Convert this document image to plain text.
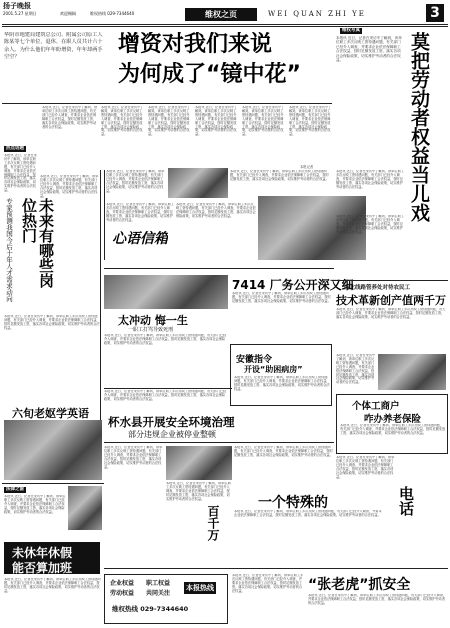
扬子晚报
2001.5.27 星期日	欢迎赐稿	维权热线 029-7344640	维权之页	WEI QUAN ZHI YE	3
华阴市地建局建筑总公司、附属公司原工人陈某等七个单位，退休、在职人员共计六十余人。为什么他们年年盼增资，年年却两手空空？
增资对我们来说
为何成了“镜中花”
维权写真
本报讯 近日，记者在采访中了解到，该单位职工多次反映工资待遇问题，有关部门已经介入调查，并要求企业依法保障职工合法权益，按时足额发放工资，落实各项社会保险政策，切实维护劳动者的合法权益。	莫把劳动者权益当儿戏
本报讯 近日，记者在采访中了解到，该单位职工多次反映工资待遇问题，有关部门已经介入调查，并要求企业依法保障职工合法权益，按时足额发放工资，落实各项社会保险政策，切实维护劳动者的合法权益。
本报讯 近日，记者在采访中了解到，该单位职工多次反映工资待遇问题，有关部门已经介入调查，并要求企业依法保障职工合法权益，按时足额发放工资，落实各项社会保险政策，切实维护劳动者的合法权益。
本报讯 近日，记者在采访中了解到，该单位职工多次反映工资待遇问题，有关部门已经介入调查，并要求企业依法保障职工合法权益，按时足额发放工资，落实各项社会保险政策，切实维护劳动者的合法权益。
本报讯 近日，记者在采访中了解到，该单位职工多次反映工资待遇问题，有关部门已经介入调查，并要求企业依法保障职工合法权益，按时足额发放工资，落实各项社会保险政策，切实维护劳动者的合法权益。
本报讯 近日，记者在采访中了解到，该单位职工多次反映工资待遇问题，有关部门已经介入调查，并要求企业依法保障职工合法权益，按时足额发放工资，落实各项社会保险政策，切实维护劳动者的合法权益。
本报讯 近日，记者在采访中了解到，该单位职工多次反映工资待遇问题，有关部门已经介入调查，并要求企业依法保障职工合法权益，按时足额发放工资，落实各项社会保险政策，切实维护劳动者的合法权益。
本报记者
热点话题
本报讯 近日，记者在采访中了解到，该单位职工多次反映工资待遇问题，有关部门已经介入调查，并要求企业依法保障职工合法权益，按时足额发放工资，落实各项社会保险政策，切实维护劳动者的合法权益。
未来有哪些岗位热门
专家预测我国今后十年人才需求动向
本报讯 近日，记者在采访中了解到，该单位职工多次反映工资待遇问题，有关部门已经介入调查，并要求企业依法保障职工合法权益，按时足额发放工资，落实各项社会保险政策，切实维护劳动者的合法权益。
本报讯 近日，记者在采访中了解到，该单位职工多次反映工资待遇问题，有关部门已经介入调查，并要求企业依法保障职工合法权益，按时足额发放工资，落实各项社会保险政策，切实维护劳动者的合法权益。
六旬老妪学英语
本报讯 近日，记者在采访中了解到，该单位职工多次反映工资待遇问题，有关部门已经介入调查，并要求企业依法保障职工合法权益，按时足额发放工资，落实各项社会保险政策，切实维护劳动者的合法权益。
本报讯 近日，记者在采访中了解到，该单位职工多次反映工资待遇问题，有关部门已经介入调查，并要求企业依法保障职工合法权益，按时足额发放工资，落实各项社会保险政策，切实维护劳动者的合法权益。
本报讯 近日，记者在采访中了解到，该单位职工多次反映工资待遇问题，有关部门已经介入调查，并要求企业依法保障职工合法权益，按时足额发放工资，落实各项社会保险政策，切实维护劳动者的合法权益。
心语信箱
本报讯 近日，记者在采访中了解到，该单位职工多次反映工资待遇问题，有关部门已经介入调查，并要求企业依法保障职工合法权益，按时足额发放工资，落实各项社会保险政策，切实维护劳动者的合法权益。
本报讯 近日，记者在采访中了解到，该单位职工多次反映工资待遇问题，有关部门已经介入调查，并要求企业依法保障职工合法权益，按时足额发放工资，落实各项社会保险政策，切实维护劳动者的合法权益。
7414 厂务公开深又细
本报讯 近日，记者在采访中了解到，该单位职工多次反映工资待遇问题，有关部门已经介入调查，并要求企业依法保障职工合法权益，按时足额发放工资，落实各项社会保险政策，切实维护劳动者的合法权益。
本报讯 近日，记者在采访中了解到，该单位职工多次反映工资待遇问题，有关部门已经介入调查，并要求企业依法保障职工合法权益，按时足额发放工资，落实各项社会保险政策，切实维护劳动者的合法权益。
西北线路管养处对待农民工
技术革新创产值两千万
本报讯 近日，记者在采访中了解到，该单位职工多次反映工资待遇问题，有关部门已经介入调查，并要求企业依法保障职工合法权益，按时足额发放工资，落实各项社会保险政策，切实维护劳动者的合法权益。
太冲动 悔一生
一职工打骂导致死刑
本报讯 近日，记者在采访中了解到，该单位职工多次反映工资待遇问题，有关部门已经介入调查，并要求企业依法保障职工合法权益，按时足额发放工资，落实各项社会保险政策，切实维护劳动者的合法权益。
安徽指令
开设“助困病房”
本报讯 近日，记者在采访中了解到，该单位职工多次反映工资待遇问题，有关部门已经介入调查，并要求企业依法保障职工合法权益，按时足额发放工资，落实各项社会保险政策，切实维护劳动者的合法权益。
本报讯 近日，记者在采访中了解到，该单位职工多次反映工资待遇问题，有关部门已经介入调查，并要求企业依法保障职工合法权益，按时足额发放工资，落实各项社会保险政策，切实维护劳动者的合法权益。
本报讯 近日，记者在采访中了解到，该单位职工多次反映工资待遇问题，有关部门已经介入调查，并要求企业依法保障职工合法权益，按时足额发放工资，落实各项社会保险政策，切实维护劳动者的合法权益。
杯水县开展安全环境治理
部分违规企业被停业整顿
个体工商户
咋办养老保险
本报讯 近日，记者在采访中了解到，该单位职工多次反映工资待遇问题，有关部门已经介入调查，并要求企业依法保障职工合法权益，按时足额发放工资，落实各项社会保险政策，切实维护劳动者的合法权益。
法律之窗
本报讯 近日，记者在采访中了解到，该单位职工多次反映工资待遇问题，有关部门已经介入调查，并要求企业依法保障职工合法权益，按时足额发放工资，落实各项社会保险政策，切实维护劳动者的合法权益。
未休年休假
能否算加班
本报讯 近日，记者在采访中了解到，该单位职工多次反映工资待遇问题，有关部门已经介入调查，并要求企业依法保障职工合法权益，按时足额发放工资，落实各项社会保险政策，切实维护劳动者的合法权益。
本报讯 近日，记者在采访中了解到，该单位职工多次反映工资待遇问题，有关部门已经介入调查，并要求企业依法保障职工合法权益，按时足额发放工资，落实各项社会保险政策，切实维护劳动者的合法权益。
本报讯 近日，记者在采访中了解到，该单位职工多次反映工资待遇问题，有关部门已经介入调查，并要求企业依法保障职工合法权益，按时足额发放工资，落实各项社会保险政策，切实维护劳动者的合法权益。
百千万
本报讯 近日，记者在采访中了解到，该单位职工多次反映工资待遇问题，有关部门已经介入调查，并要求企业依法保障职工合法权益，按时足额发放工资，落实各项社会保险政策，切实维护劳动者的合法权益。
一个特殊的	电话
本报讯 近日，记者在采访中了解到，该单位职工多次反映工资待遇问题，有关部门已经介入调查，并要求企业依法保障职工合法权益，按时足额发放工资，落实各项社会保险政策，切实维护劳动者的合法权益。
本报讯 近日，记者在采访中了解到，该单位职工多次反映工资待遇问题，有关部门已经介入调查，并要求企业依法保障职工合法权益，按时足额发放工资，落实各项社会保险政策，切实维护劳动者的合法权益。
企业权益 职工权益
劳动权益 共同关注
本报热线
维权热线 029-7344640
本报讯 近日，记者在采访中了解到，该单位职工多次反映工资待遇问题，有关部门已经介入调查，并要求企业依法保障职工合法权益，按时足额发放工资，落实各项社会保险政策，切实维护劳动者的合法权益。	“张老虎”抓安全
本报讯 近日，记者在采访中了解到，该单位职工多次反映工资待遇问题，有关部门已经介入调查，并要求企业依法保障职工合法权益，按时足额发放工资，落实各项社会保险政策，切实维护劳动者的合法权益。
